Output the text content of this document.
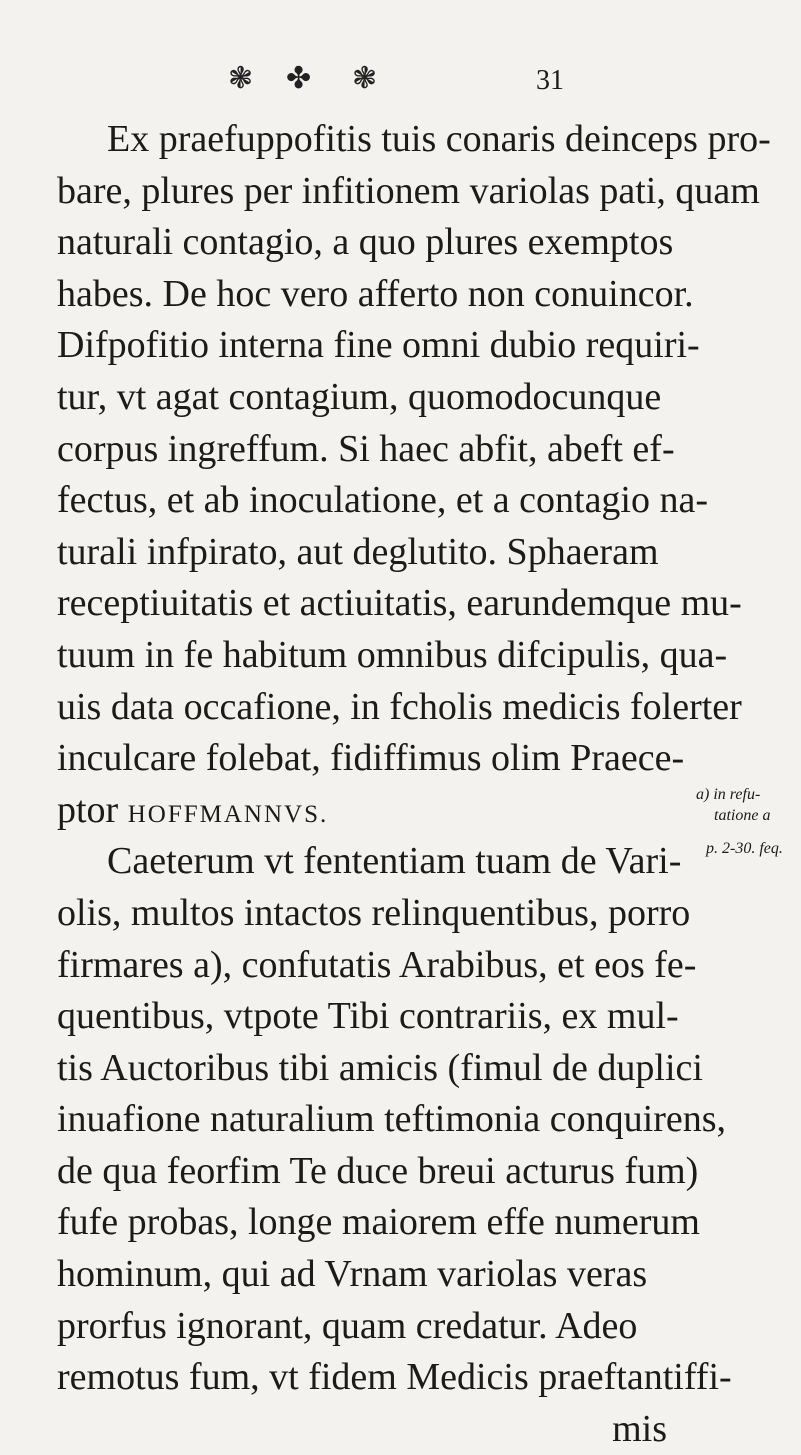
❃ ✤ ❃	31
Ex praefuppofitis tuis conaris deinceps pro-
bare, plures per infitionem variolas pati, quam
naturali contagio, a quo plures exemptos
habes. De hoc vero afferto non conuincor.
Difpofitio interna fine omni dubio requiri-
tur, vt agat contagium, quomodocunque
corpus ingreffum. Si haec abfit, abeft ef-
fectus, et ab inoculatione, et a contagio na-
turali infpirato, aut deglutito. Sphaeram
receptiuitatis et actiuitatis, earundemque mu-
tuum in fe habitum omnibus difcipulis, qua-
uis data occafione, in fcholis medicis folerter
inculcare folebat, fidiffimus olim Praece-
ptor HOFFMANNVS.
Caeterum vt fententiam tuam de Vari-
olis, multos intactos relinquentibus, porro
firmares a), confutatis Arabibus, et eos fe-
quentibus, vtpote Tibi contrariis, ex mul-
tis Auctoribus tibi amicis (fimul de duplici
inuafione naturalium teftimonia conquirens,
de qua feorfim Te duce breui acturus fum)
fufe probas, longe maiorem effe numerum
hominum, qui ad Vrnam variolas veras
prorfus ignorant, quam credatur. Adeo
remotus fum, vt fidem Medicis praeftantiffi-
mis
a) in refu-
tatione a
p. 2-30. feq.
